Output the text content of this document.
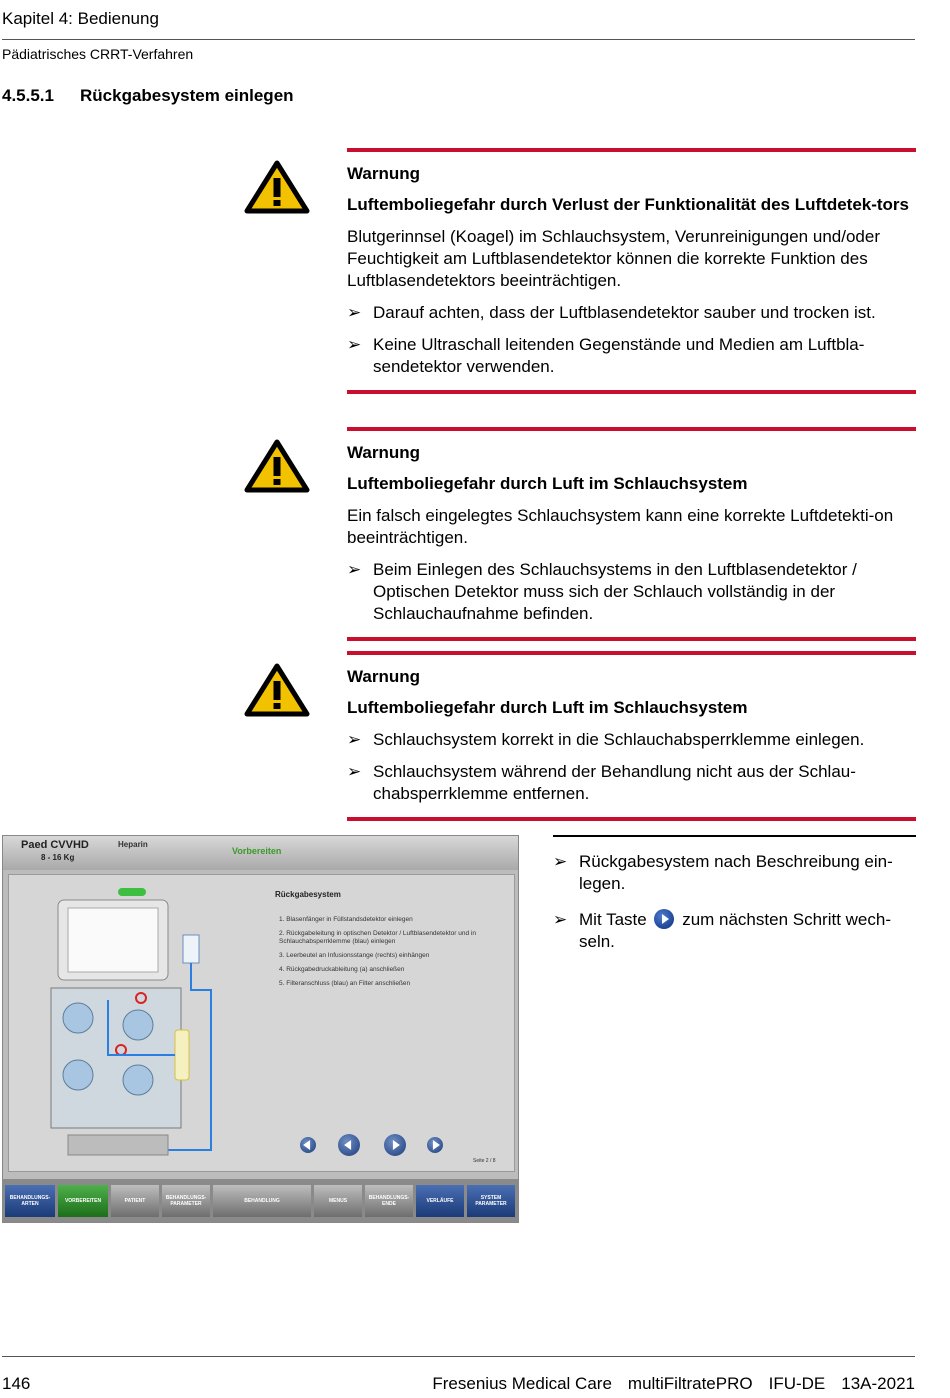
Kapitel 4: Bedienung
Pädiatrisches CRRT-Verfahren
4.5.5.1 Rückgabesystem einlegen
Warnung
Luftemboliegefahr durch Verlust der Funktionalität des Luftdetek-tors

Blutgerinnsel (Koagel) im Schlauchsystem, Verunreinigungen und/oder Feuchtigkeit am Luftblasendetektor können die korrekte Funktion des Luftblasendetektors beeinträchtigen.

➢ Darauf achten, dass der Luftblasendetektor sauber und trocken ist.
➢ Keine Ultraschall leitenden Gegenstände und Medien am Luftbla-sendetektor verwenden.
Warnung
Luftemboliegefahr durch Luft im Schlauchsystem

Ein falsch eingelegtes Schlauchsystem kann eine korrekte Luftdetekti-on beeinträchtigen.

➢ Beim Einlegen des Schlauchsystems in den Luftblasendetektor / Optischen Detektor muss sich der Schlauch vollständig in der Schlauchaufnahme befinden.
Warnung
Luftemboliegefahr durch Luft im Schlauchsystem
➢ Schlauchsystem korrekt in die Schlauchabsperrklemme einlegen.
➢ Schlauchsystem während der Behandlung nicht aus der Schlau-chabsperrklemme entfernen.
Paed CVVHD
8 - 16 Kg
Heparin
Vorbereiten
Rückgabesystem
1. Blasenfänger in Füllstandsdetektor einlegen
2. Rückgabeleitung in optischen Detektor / Luftblasendetektor und in Schlauchabsperrklemme (blau) einlegen
3. Leerbeutel an Infusionsstange (rechts) einhängen
4. Rückgabedruckableitung (a) anschließen
5. Filteranschluss (blau) an Filter anschließen
Seite 2 / 8
BEHANDLUNGS-ARTEN	VORBEREITEN	PATIENT	BEHANDLUNGS-PARAMETER	BEHANDLUNG	MENUS	BEHANDLUNGS-ENDE	VERLÄUFE	SYSTEM PARAMETER
➢ Rückgabesystem nach Beschreibung ein-legen.
➢ Mit Taste zum nächsten Schritt wech-seln.
146	Fresenius Medical Care multiFiltratePRO IFU-DE 13A-2021
